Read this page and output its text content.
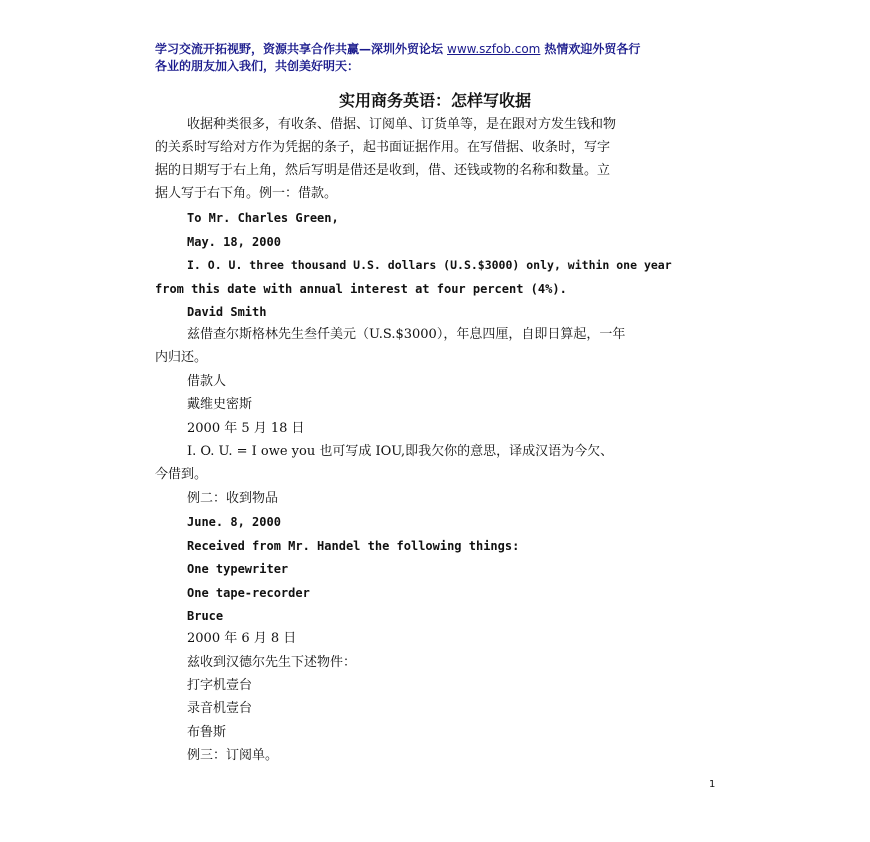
学习交流开拓视野，资源共享合作共赢—深圳外贸论坛 www.szfob.com 热情欢迎外贸各行
各业的朋友加入我们，共创美好明天：
实用商务英语：怎样写收据
收据种类很多，有收条、借据、订阅单、订货单等，是在跟对方发生钱和物
的关系时写给对方作为凭据的条子，起书面证据作用。在写借据、收条时，写字
据的日期写于右上角，然后写明是借还是收到，借、还钱或物的名称和数量。立
据人写于右下角。例一：借款。
To Mr. Charles Green,
May. 18, 2000
I. O. U. three thousand U.S. dollars (U.S.$3000) only, within one year
from this date with annual interest at four percent (4%).
David Smith
兹借查尔斯格林先生叁仟美元（U.S.$3000），年息四厘，自即日算起，一年
内归还。
借款人
戴维史密斯
2000 年 5 月 18 日
I. O. U. = I owe you 也可写成 IOU,即我欠你的意思，译成汉语为今欠、
今借到。
例二：收到物品
June. 8, 2000
Received from Mr. Handel the following things:
One typewriter
One tape-recorder
Bruce
2000 年 6 月 8 日
兹收到汉德尔先生下述物件：
打字机壹台
录音机壹台
布鲁斯
例三：订阅单。
1
